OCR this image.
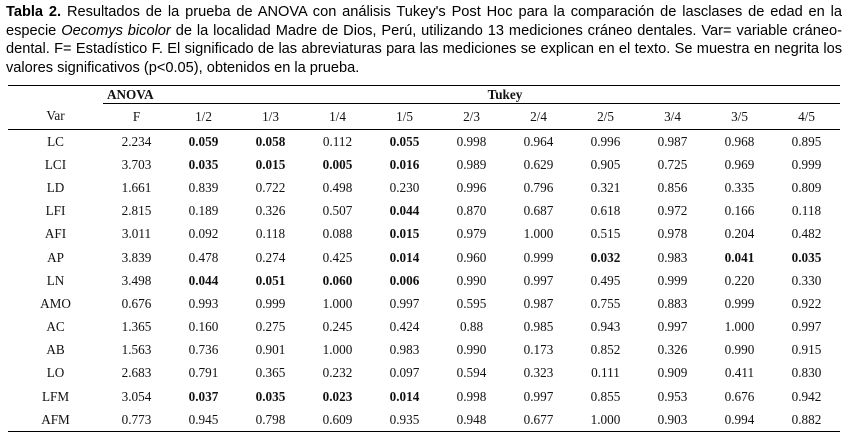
Tabla 2. Resultados de la prueba de ANOVA con análisis Tukey's Post Hoc para la comparación de lasclases de edad en la especie Oecomys bicolor de la localidad Madre de Dios, Perú, utilizando 13 mediciones cráneo dentales. Var= variable cráneo-dental. F= Estadístico F. El significado de las abreviaturas para las mediciones se explican en el texto. Se muestra en negrita los valores significativos (p<0.05), obtenidos en la prueba.
	ANOVA	Tukey									
Var	F	1/2	1/3	1/4	1/5	2/3	2/4	2/5	3/4	3/5	4/5
LC	2.234	0.059	0.058	0.112	0.055	0.998	0.964	0.996	0.987	0.968	0.895
LCI	3.703	0.035	0.015	0.005	0.016	0.989	0.629	0.905	0.725	0.969	0.999
LD	1.661	0.839	0.722	0.498	0.230	0.996	0.796	0.321	0.856	0.335	0.809
LFI	2.815	0.189	0.326	0.507	0.044	0.870	0.687	0.618	0.972	0.166	0.118
AFI	3.011	0.092	0.118	0.088	0.015	0.979	1.000	0.515	0.978	0.204	0.482
AP	3.839	0.478	0.274	0.425	0.014	0.960	0.999	0.032	0.983	0.041	0.035
LN	3.498	0.044	0.051	0.060	0.006	0.990	0.997	0.495	0.999	0.220	0.330
AMO	0.676	0.993	0.999	1.000	0.997	0.595	0.987	0.755	0.883	0.999	0.922
AC	1.365	0.160	0.275	0.245	0.424	0.88	0.985	0.943	0.997	1.000	0.997
AB	1.563	0.736	0.901	1.000	0.983	0.990	0.173	0.852	0.326	0.990	0.915
LO	2.683	0.791	0.365	0.232	0.097	0.594	0.323	0.111	0.909	0.411	0.830
LFM	3.054	0.037	0.035	0.023	0.014	0.998	0.997	0.855	0.953	0.676	0.942
AFM	0.773	0.945	0.798	0.609	0.935	0.948	0.677	1.000	0.903	0.994	0.882
